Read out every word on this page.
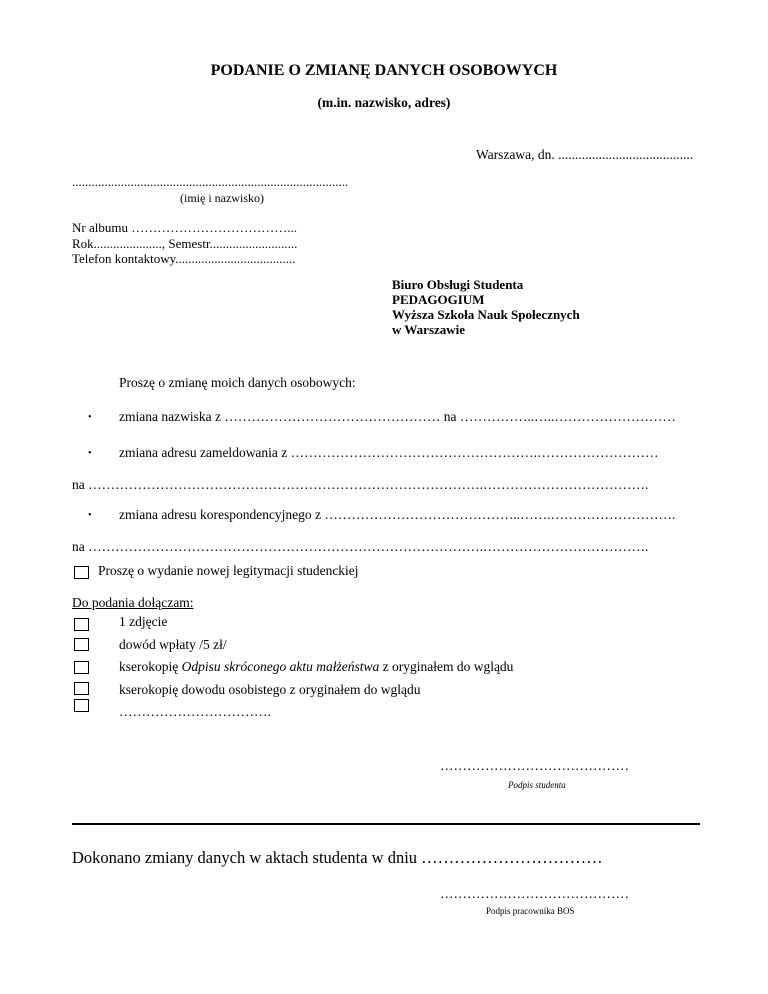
PODANIE O ZMIANĘ DANYCH OSOBOWYCH
(m.in. nazwisko, adres)
Warszawa, dn. ........................................
.....................................................................................
(imię i nazwisko)
Nr albumu ………………………………...
Rok....................., Semestr...........................
Telefon kontaktowy.....................................
Biuro Obsługi Studenta
PEDAGOGIUM
Wyższa Szkoła Nauk Społecznych
w Warszawie
Proszę o zmianę moich danych osobowych:
• zmiana nazwiska z ………………………………………… na ……………..…..………………………
• zmiana adresu zameldowania z ……………………………………………….………………………
na …………………………………………………………………………….……………………………….
• zmiana adresu korespondencyjnego z ……………………………………..…….……………………….
na …………………………………………………………………………….……………………………….
Proszę o wydanie nowej legitymacji studenckiej
Do podania dołączam:
1 zdjęcie
dowód wpłaty /5 zł/
kserokopię Odpisu skróconego aktu małżeństwa z oryginałem do wglądu
kserokopię dowodu osobistego z oryginałem do wglądu
…………………………….
……………………………………
Podpis studenta
Dokonano zmiany danych w aktach studenta w dniu ……………………………
……………………………………
Podpis pracownika BOS
